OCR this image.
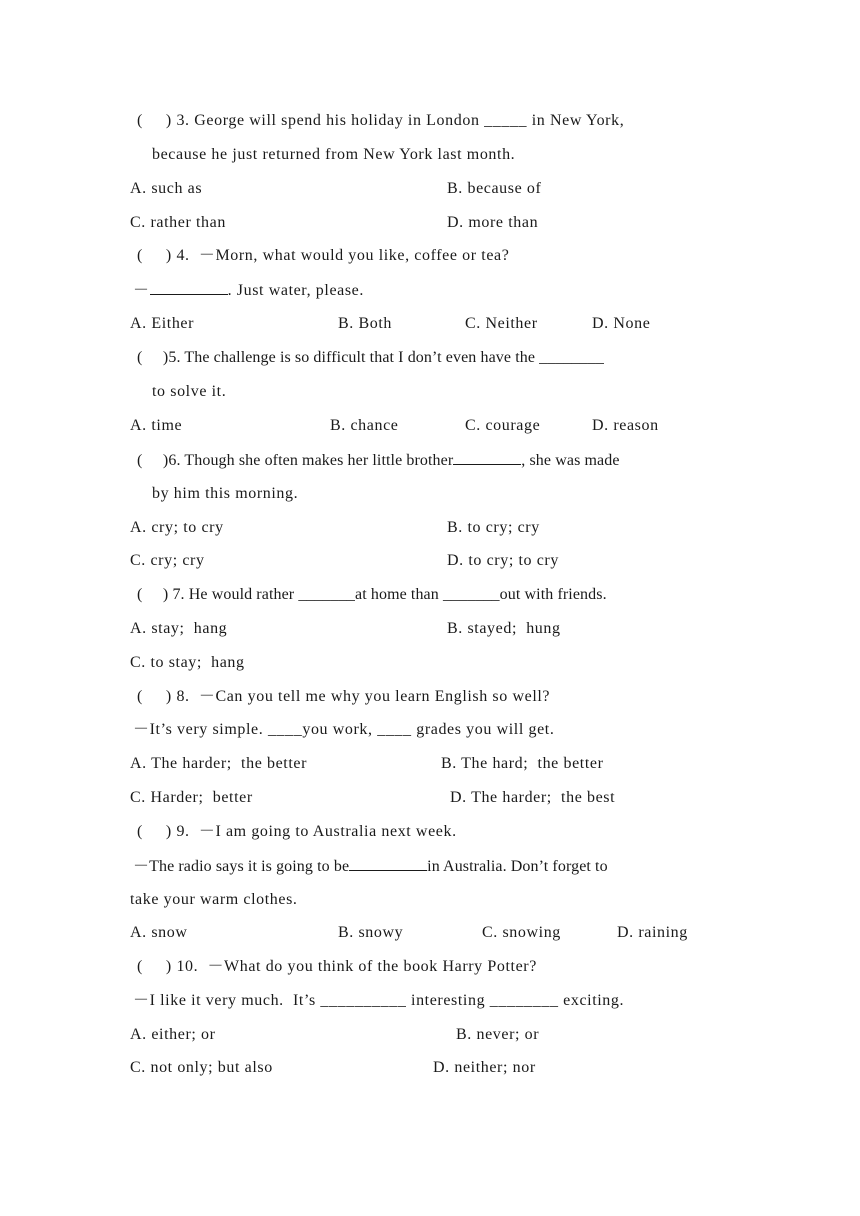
(     ) 3. George will spend his holiday in London _____ in New York,
because he just returned from New York last month.
A. such as	B. because of
C. rather than	D. more than
(     ) 4.  －Morn, what would you like, coffee or tea?
－	. Just water, please.
A. Either	B. Both	C. Neither	D. None
(     )5. The challenge is so difficult that I don’t even have the ________
to solve it.
A. time	B. chance	C. courage	D. reason
(     )6. Though she often makes her little brother	, she was made
by him this morning.
A. cry; to cry	B. to cry; cry
C. cry; cry	D. to cry; to cry
(     ) 7. He would rather _______at home than _______out with friends.
A. stay;  hang	B. stayed;  hung
C. to stay;  hang
(     ) 8.  －Can you tell me why you learn English so well?
－It’s very simple. ____you work, ____ grades you will get.
A. The harder;  the better	B. The hard;  the better
C. Harder;  better	D. The harder;  the best
(     ) 9.  －I am going to Australia next week.
－The radio says it is going to be	in Australia. Don’t forget to
take your warm clothes.
A. snow	B. snowy	C. snowing	D. raining
(     ) 10.  －What do you think of the book Harry Potter?
－I like it very much.  It’s __________ interesting ________ exciting.
A. either; or	B. never; or
C. not only; but also	D. neither; nor
